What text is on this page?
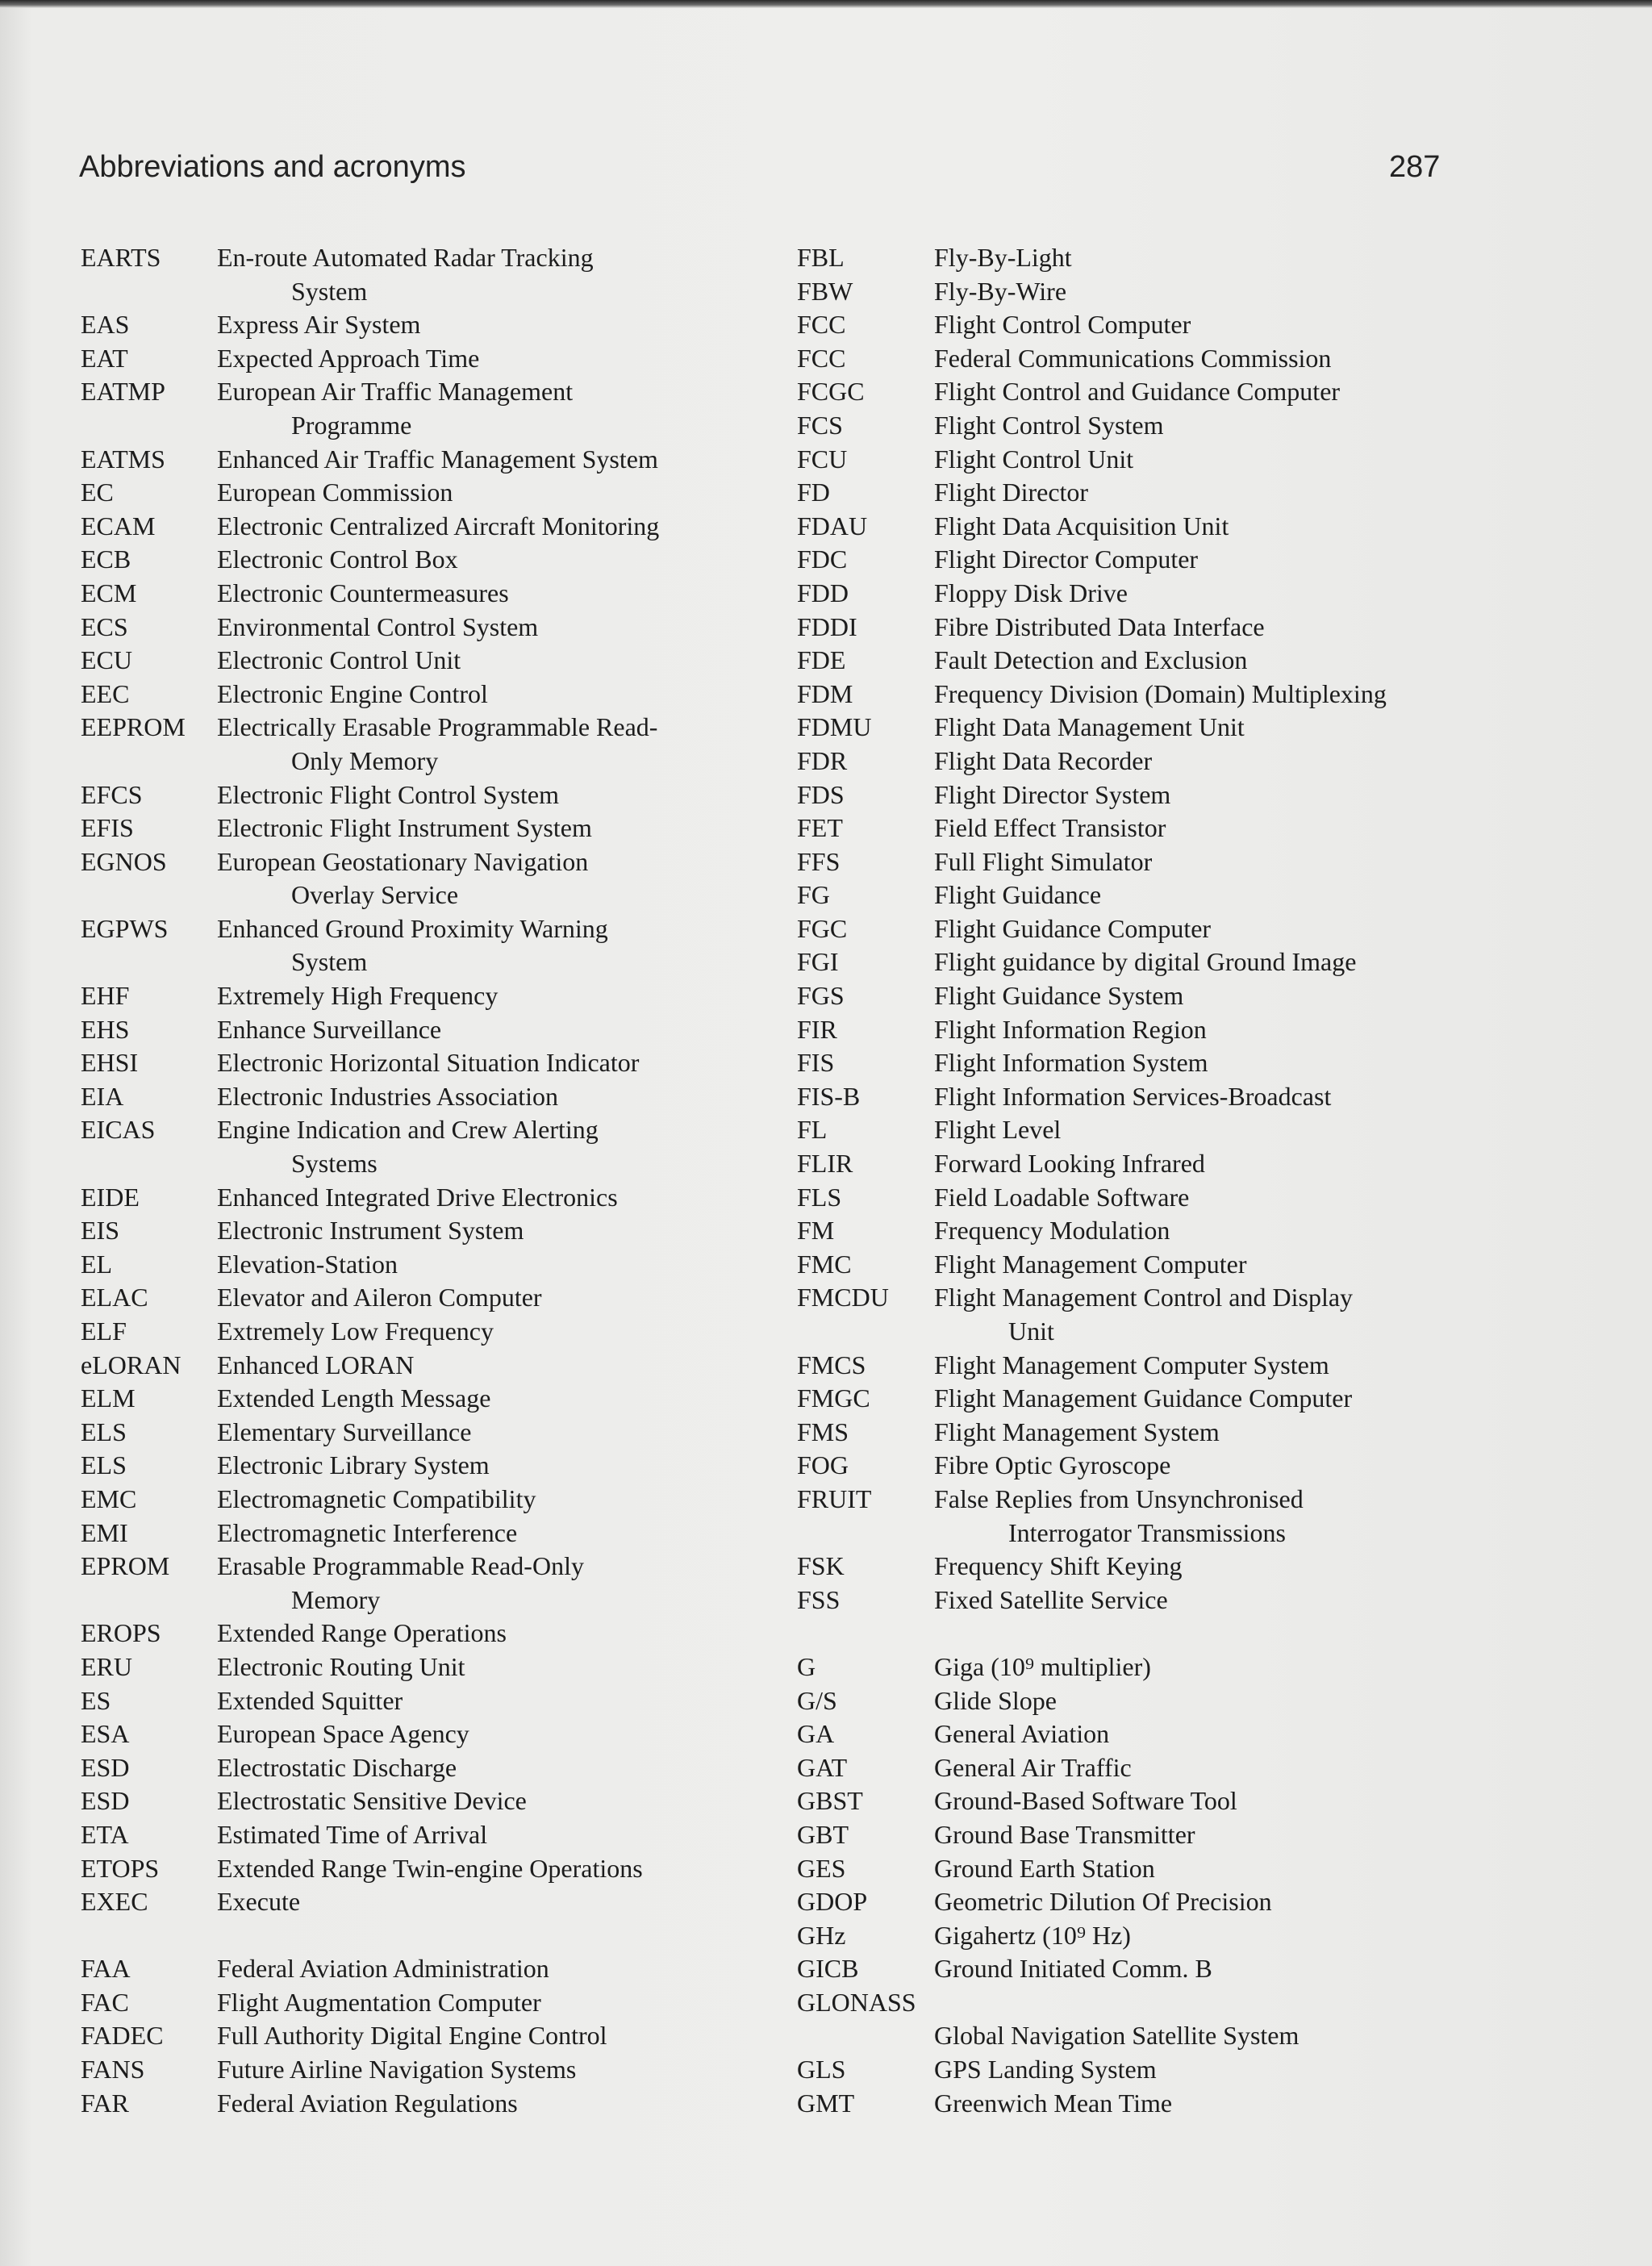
Abbreviations and acronyms	287
EARTS	En-route Automated Radar Tracking
System
EAS	Express Air System
EAT	Expected Approach Time
EATMP	European Air Traffic Management
Programme
EATMS	Enhanced Air Traffic Management System
EC	European Commission
ECAM	Electronic Centralized Aircraft Monitoring
ECB	Electronic Control Box
ECM	Electronic Countermeasures
ECS	Environmental Control System
ECU	Electronic Control Unit
EEC	Electronic Engine Control
EEPROM	Electrically Erasable Programmable Read-
Only Memory
EFCS	Electronic Flight Control System
EFIS	Electronic Flight Instrument System
EGNOS	European Geostationary Navigation
Overlay Service
EGPWS	Enhanced Ground Proximity Warning
System
EHF	Extremely High Frequency
EHS	Enhance Surveillance
EHSI	Electronic Horizontal Situation Indicator
EIA	Electronic Industries Association
EICAS	Engine Indication and Crew Alerting
Systems
EIDE	Enhanced Integrated Drive Electronics
EIS	Electronic Instrument System
EL	Elevation-Station
ELAC	Elevator and Aileron Computer
ELF	Extremely Low Frequency
eLORAN	Enhanced LORAN
ELM	Extended Length Message
ELS	Elementary Surveillance
ELS	Electronic Library System
EMC	Electromagnetic Compatibility
EMI	Electromagnetic Interference
EPROM	Erasable Programmable Read-Only
Memory
EROPS	Extended Range Operations
ERU	Electronic Routing Unit
ES	Extended Squitter
ESA	European Space Agency
ESD	Electrostatic Discharge
ESD	Electrostatic Sensitive Device
ETA	Estimated Time of Arrival
ETOPS	Extended Range Twin-engine Operations
EXEC	Execute
FAA	Federal Aviation Administration
FAC	Flight Augmentation Computer
FADEC	Full Authority Digital Engine Control
FANS	Future Airline Navigation Systems
FAR	Federal Aviation Regulations
FBL	Fly-By-Light
FBW	Fly-By-Wire
FCC	Flight Control Computer
FCC	Federal Communications Commission
FCGC	Flight Control and Guidance Computer
FCS	Flight Control System
FCU	Flight Control Unit
FD	Flight Director
FDAU	Flight Data Acquisition Unit
FDC	Flight Director Computer
FDD	Floppy Disk Drive
FDDI	Fibre Distributed Data Interface
FDE	Fault Detection and Exclusion
FDM	Frequency Division (Domain) Multiplexing
FDMU	Flight Data Management Unit
FDR	Flight Data Recorder
FDS	Flight Director System
FET	Field Effect Transistor
FFS	Full Flight Simulator
FG	Flight Guidance
FGC	Flight Guidance Computer
FGI	Flight guidance by digital Ground Image
FGS	Flight Guidance System
FIR	Flight Information Region
FIS	Flight Information System
FIS-B	Flight Information Services-Broadcast
FL	Flight Level
FLIR	Forward Looking Infrared
FLS	Field Loadable Software
FM	Frequency Modulation
FMC	Flight Management Computer
FMCDU	Flight Management Control and Display
Unit
FMCS	Flight Management Computer System
FMGC	Flight Management Guidance Computer
FMS	Flight Management System
FOG	Fibre Optic Gyroscope
FRUIT	False Replies from Unsynchronised
Interrogator Transmissions
FSK	Frequency Shift Keying
FSS	Fixed Satellite Service
G	Giga (10⁹ multiplier)
G/S	Glide Slope
GA	General Aviation
GAT	General Air Traffic
GBST	Ground-Based Software Tool
GBT	Ground Base Transmitter
GES	Ground Earth Station
GDOP	Geometric Dilution Of Precision
GHz	Gigahertz (10⁹ Hz)
GICB	Ground Initiated Comm. B
GLONASS
Global Navigation Satellite System
GLS	GPS Landing System
GMT	Greenwich Mean Time
